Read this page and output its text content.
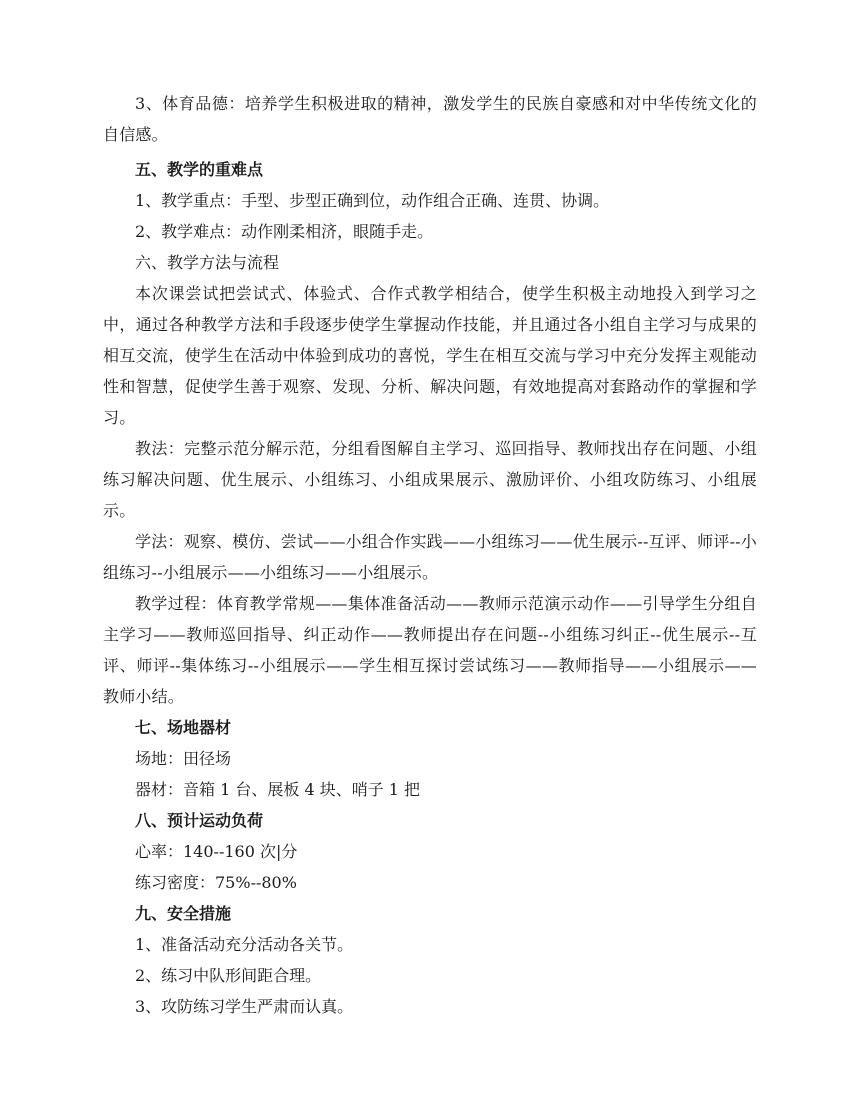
3、体育品德：培养学生积极进取的精神，激发学生的民族自豪感和对中华传统文化的自信感。

五、教学的重难点

1、教学重点：手型、步型正确到位，动作组合正确、连贯、协调。

2、教学难点：动作刚柔相济，眼随手走。

六、教学方法与流程

本次课尝试把尝试式、体验式、合作式教学相结合，使学生积极主动地投入到学习之中，通过各种教学方法和手段逐步使学生掌握动作技能，并且通过各小组自主学习与成果的相互交流，使学生在活动中体验到成功的喜悦，学生在相互交流与学习中充分发挥主观能动性和智慧，促使学生善于观察、发现、分析、解决问题，有效地提高对套路动作的掌握和学习。

教法：完整示范分解示范，分组看图解自主学习、巡回指导、教师找出存在问题、小组练习解决问题、优生展示、小组练习、小组成果展示、激励评价、小组攻防练习、小组展示。

学法：观察、模仿、尝试——小组合作实践——小组练习——优生展示--互评、师评--小组练习--小组展示——小组练习——小组展示。

教学过程：体育教学常规——集体准备活动——教师示范演示动作——引导学生分组自主学习——教师巡回指导、纠正动作——教师提出存在问题--小组练习纠正--优生展示--互评、师评--集体练习--小组展示——学生相互探讨尝试练习——教师指导——小组展示——教师小结。

七、场地器材

场地：田径场

器材：音箱 1 台、展板 4 块、哨子 1 把

八、预计运动负荷

心率：140--160 次|分

练习密度：75%--80%

九、安全措施

1、准备活动充分活动各关节。

2、练习中队形间距合理。

3、攻防练习学生严肃而认真。
